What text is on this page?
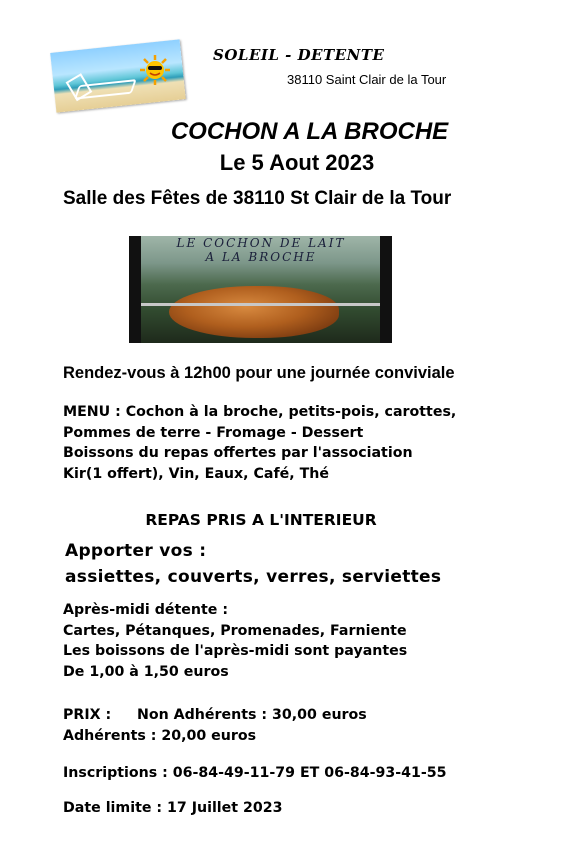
SOLEIL - DETENTE
38110 Saint Clair de la Tour
COCHON A LA BROCHE
Le 5 Aout 2023
Salle des Fêtes de 38110 St Clair de la Tour
LE COCHON DE LAIT
A LA BROCHE
Rendez-vous à 12h00 pour une journée conviviale
MENU : Cochon à la broche, petits-pois, carottes,
Pommes de terre - Fromage - Dessert
Boissons du repas offertes par l'association
Kir(1 offert), Vin, Eaux, Café, Thé
REPAS PRIS A L'INTERIEUR
Apporter vos :
assiettes, couverts, verres, serviettes
Après-midi détente :
Cartes, Pétanques, Promenades, Farniente
Les boissons de l'après-midi sont payantes
De 1,00 à 1,50 euros
PRIX : Non Adhérents : 30,00 euros
Adhérents : 20,00 euros
Inscriptions : 06-84-49-11-79 ET 06-84-93-41-55
Date limite : 17 Juillet 2023
